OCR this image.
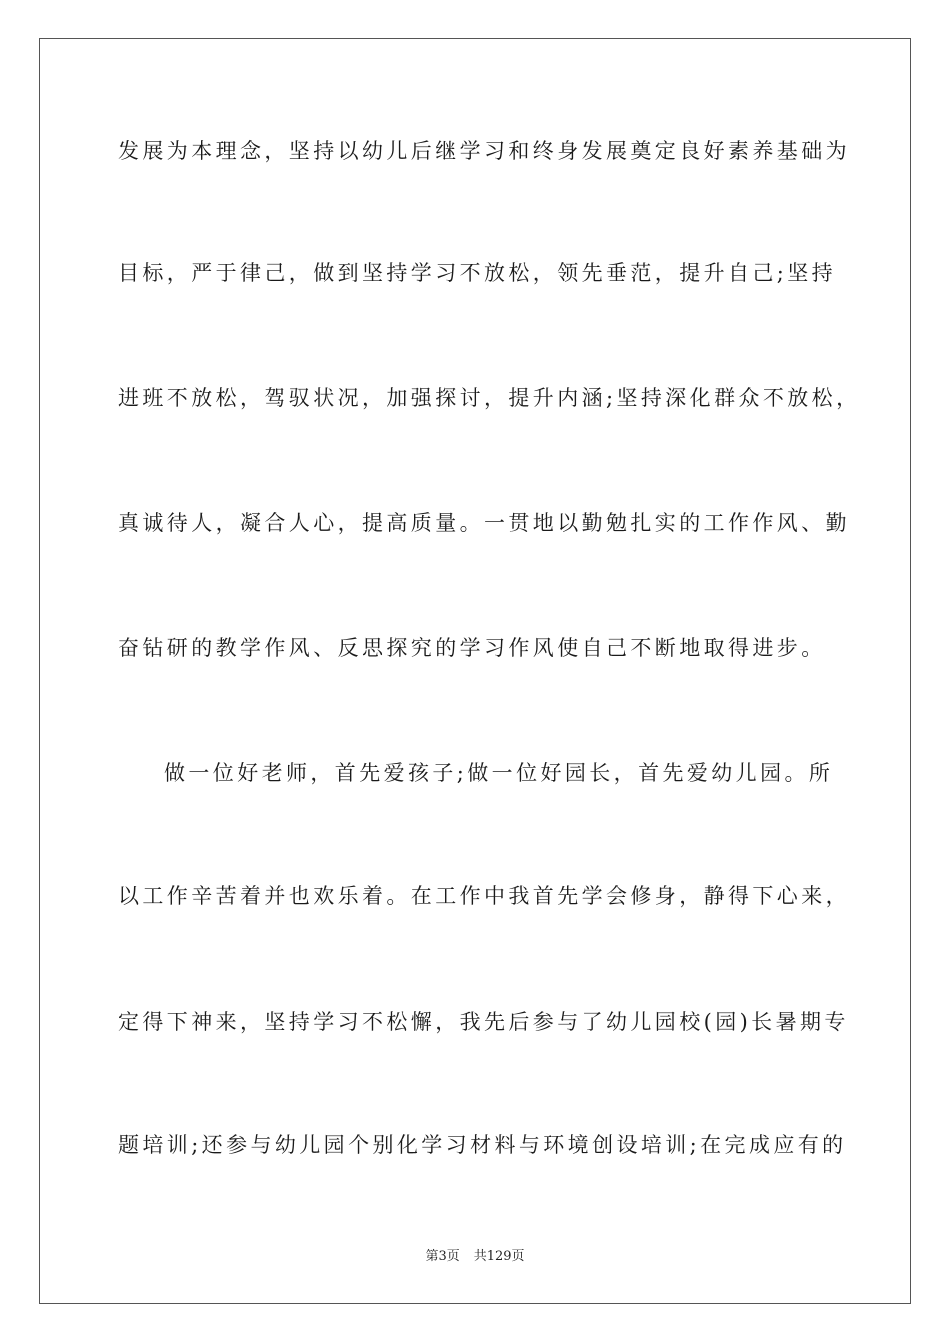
发展为本理念，坚持以幼儿后继学习和终身发展奠定良好素养基础为
目标，严于律己，做到坚持学习不放松，领先垂范，提升自己;坚持
进班不放松，驾驭状况，加强探讨，提升内涵;坚持深化群众不放松，
真诚待人，凝合人心，提高质量。一贯地以勤勉扎实的工作作风、勤
奋钻研的教学作风、反思探究的学习作风使自己不断地取得进步。
做一位好老师，首先爱孩子;做一位好园长，首先爱幼儿园。所
以工作辛苦着并也欢乐着。在工作中我首先学会修身，静得下心来，
定得下神来，坚持学习不松懈，我先后参与了幼儿园校(园)长暑期专
题培训;还参与幼儿园个别化学习材料与环境创设培训;在完成应有的
第3页 共129页
